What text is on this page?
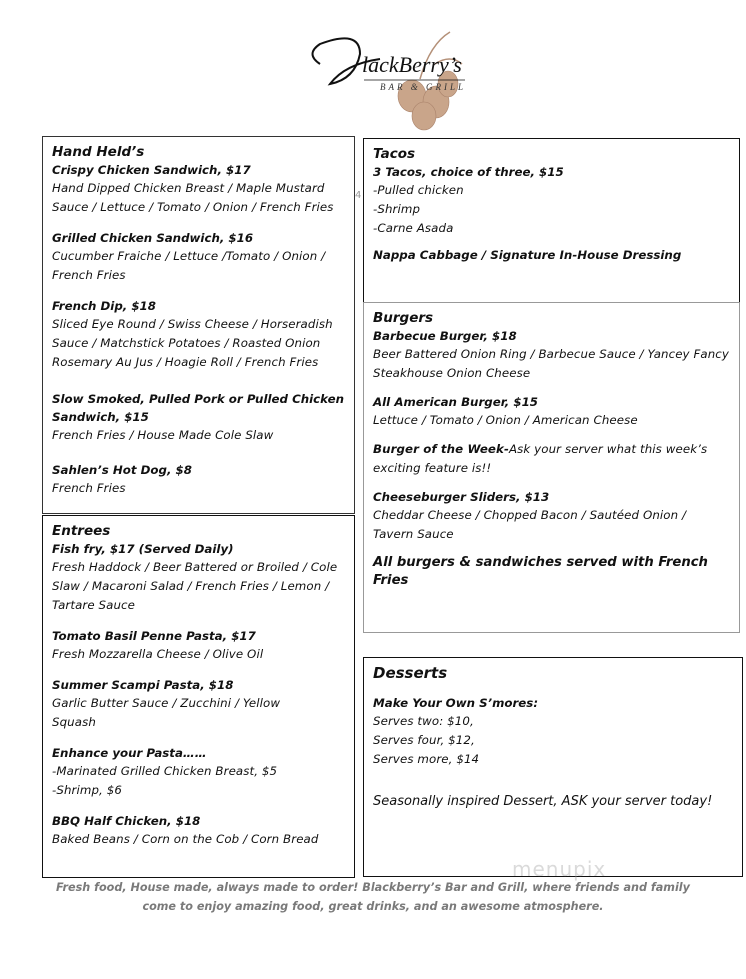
lackBerry’s
BAR & GRILL
4
Hand Held’s
Crispy Chicken Sandwich, $17
Hand Dipped Chicken Breast / Maple Mustard
Sauce / Lettuce / Tomato / Onion / French Fries
Grilled Chicken Sandwich, $16
Cucumber Fraiche / Lettuce /Tomato / Onion /
French Fries
French Dip, $18
Sliced Eye Round / Swiss Cheese / Horseradish
Sauce / Matchstick Potatoes / Roasted Onion
Rosemary Au Jus / Hoagie Roll / French Fries
Slow Smoked, Pulled Pork or Pulled Chicken Sandwich, $15
French Fries / House Made Cole Slaw
Sahlen’s Hot Dog, $8
French Fries
Entrees
Fish fry, $17 (Served Daily)
Fresh Haddock / Beer Battered or Broiled / Cole
Slaw / Macaroni Salad / French Fries / Lemon /
Tartare Sauce
Tomato Basil Penne Pasta, $17
Fresh Mozzarella Cheese / Olive Oil
Summer Scampi Pasta, $18
Garlic Butter Sauce / Zucchini / Yellow
Squash
Enhance your Pasta……
-Marinated Grilled Chicken Breast, $5
-Shrimp, $6
BBQ Half Chicken, $18
Baked Beans / Corn on the Cob / Corn Bread
Tacos
3 Tacos, choice of three, $15
-Pulled chicken
-Shrimp
-Carne Asada
Nappa Cabbage / Signature In-House Dressing
Burgers
Barbecue Burger, $18
Beer Battered Onion Ring / Barbecue Sauce / Yancey Fancy
Steakhouse Onion Cheese
All American Burger, $15
Lettuce / Tomato / Onion / American Cheese
Burger of the Week-Ask your server what this week’s
exciting feature is!!
Cheeseburger Sliders, $13
Cheddar Cheese / Chopped Bacon / Sautéed Onion /
Tavern Sauce
All burgers & sandwiches served with French Fries
Desserts
Make Your Own S’mores:
Serves two: $10,
Serves four, $12,
Serves more, $14
Seasonally inspired Dessert, ASK your server today!
Fresh food, House made, always made to order! Blackberry’s Bar and Grill, where friends and family
come to enjoy amazing food, great drinks, and an awesome atmosphere.
menupix
